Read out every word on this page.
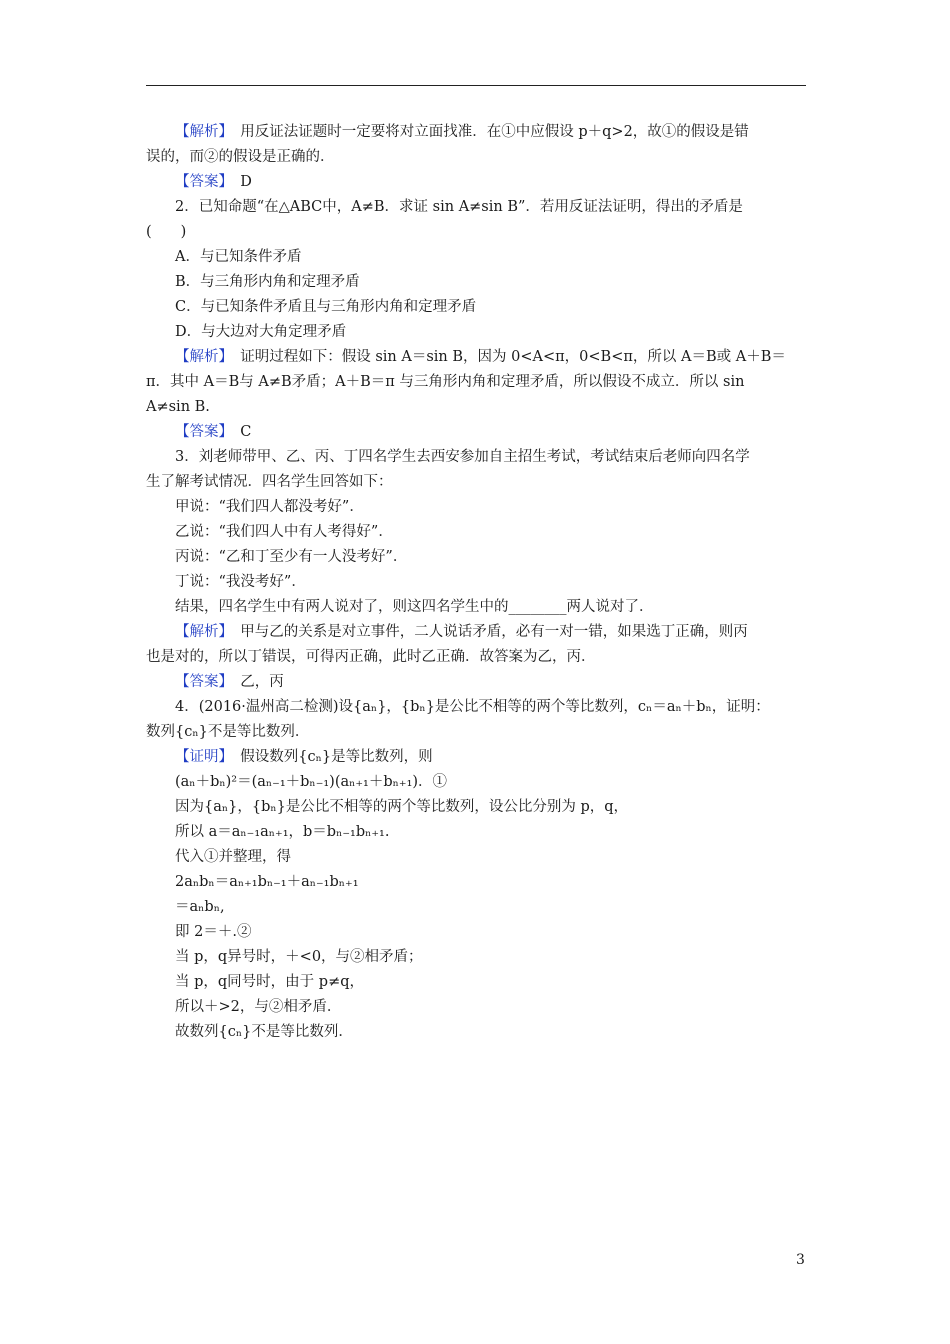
【解析】　用反证法证题时一定要将对立面找准．在①中应假设 p＋q>2，故①的假设是错

误的，而②的假设是正确的．

【答案】　D

2．已知命题“在△ABC中，A≠B．求证 sin A≠sin B”．若用反证法证明，得出的矛盾是

(　　)

A．与已知条件矛盾

B．与三角形内角和定理矛盾

C．与已知条件矛盾且与三角形内角和定理矛盾

D．与大边对大角定理矛盾

【解析】　证明过程如下：假设 sin A＝sin B，因为 0<A<π，0<B<π，所以 A＝B或 A＋B＝

π．其中 A＝B与 A≠B矛盾；A＋B＝π 与三角形内角和定理矛盾，所以假设不成立．所以 sin

A≠sin B.

【答案】　C

3．刘老师带甲、乙、丙、丁四名学生去西安参加自主招生考试，考试结束后老师向四名学

生了解考试情况．四名学生回答如下：

甲说：“我们四人都没考好”．

乙说：“我们四人中有人考得好”．

丙说：“乙和丁至少有一人没考好”．

丁说：“我没考好”．

结果，四名学生中有两人说对了，则这四名学生中的________两人说对了．

【解析】　甲与乙的关系是对立事件，二人说话矛盾，必有一对一错，如果选丁正确，则丙

也是对的，所以丁错误，可得丙正确，此时乙正确．故答案为乙，丙．

【答案】　乙，丙

4．(2016·温州高二检测)设{aₙ}，{bₙ}是公比不相等的两个等比数列，cₙ＝aₙ＋bₙ，证明：

数列{cₙ}不是等比数列．

【证明】　假设数列{cₙ}是等比数列，则

(aₙ＋bₙ)²＝(aₙ₋₁＋bₙ₋₁)(aₙ₊₁＋bₙ₊₁)．①

因为{aₙ}，{bₙ}是公比不相等的两个等比数列，设公比分别为 p，q，

所以 a＝aₙ₋₁aₙ₊₁，b＝bₙ₋₁bₙ₊₁.

代入①并整理，得

2aₙbₙ＝aₙ₊₁bₙ₋₁＋aₙ₋₁bₙ₊₁

＝aₙbₙ,

即 2＝＋.②

当 p，q异号时，＋<0，与②相矛盾；

当 p，q同号时，由于 p≠q，

所以＋>2，与②相矛盾．

故数列{cₙ}不是等比数列．

3
